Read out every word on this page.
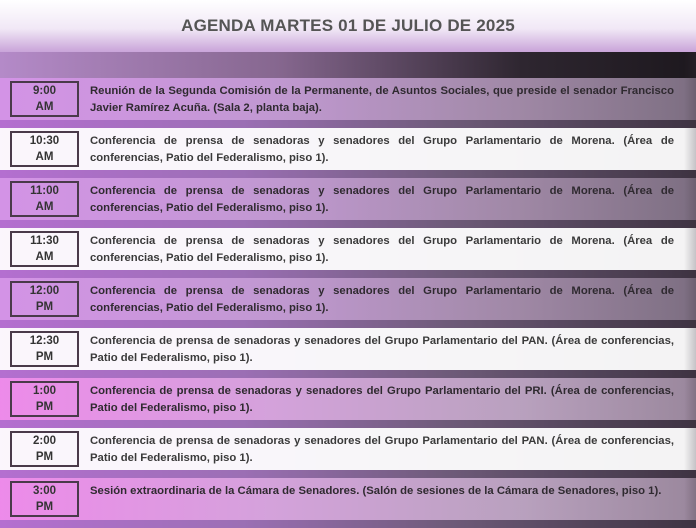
AGENDA MARTES 01 DE JULIO DE 2025
9:00
AM
Reunión de la Segunda Comisión de la Permanente, de Asuntos Sociales, que preside el senador Francisco Javier Ramírez Acuña. (Sala 2, planta baja).
10:30
AM
Conferencia de prensa de senadoras y senadores del Grupo Parlamentario de Morena. (Área de conferencias, Patio del Federalismo, piso 1).
11:00
AM
Conferencia de prensa de senadoras y senadores del Grupo Parlamentario de Morena. (Área de conferencias, Patio del Federalismo, piso 1).
11:30
AM
Conferencia de prensa de senadoras y senadores del Grupo Parlamentario de Morena. (Área de conferencias, Patio del Federalismo, piso 1).
12:00
PM
Conferencia de prensa de senadoras y senadores del Grupo Parlamentario de Morena. (Área de conferencias, Patio del Federalismo, piso 1).
12:30
PM
Conferencia de prensa de senadoras y senadores del Grupo Parlamentario del PAN. (Área de conferencias, Patio del Federalismo, piso 1).
1:00
PM
Conferencia de prensa de senadoras y senadores del Grupo Parlamentario del PRI. (Área de conferencias, Patio del Federalismo, piso 1).
2:00
PM
Conferencia de prensa de senadoras y senadores del Grupo Parlamentario del PAN. (Área de conferencias, Patio del Federalismo, piso 1).
3:00
PM
Sesión extraordinaria de la Cámara de Senadores. (Salón de sesiones de la Cámara de Senadores, piso 1).
